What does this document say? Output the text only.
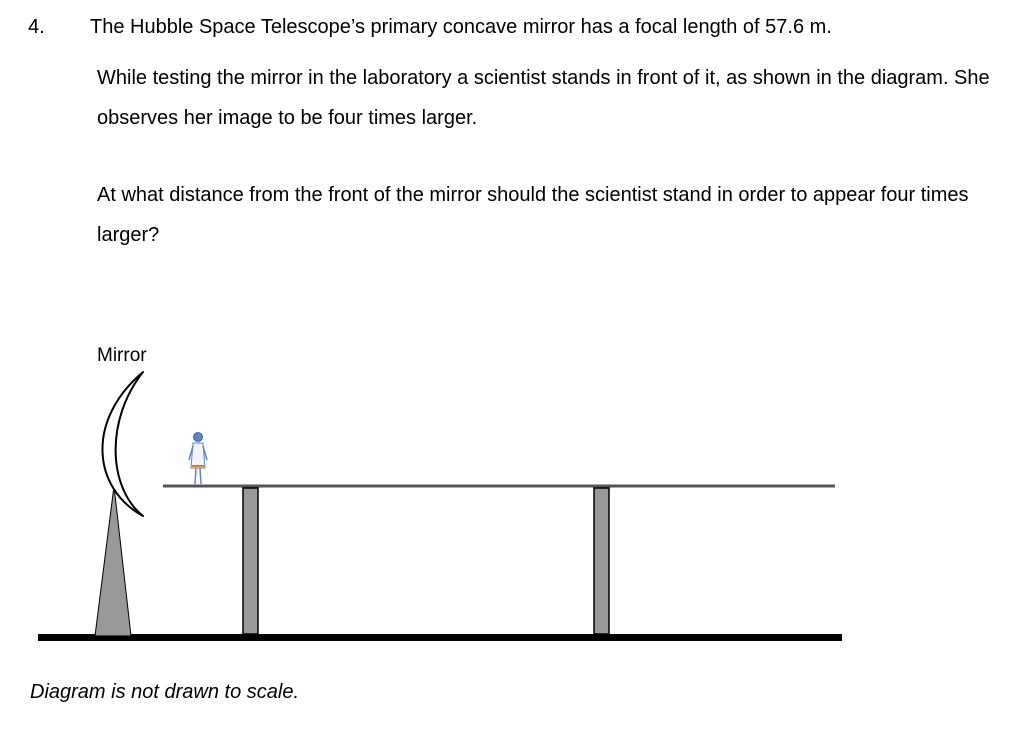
4. The Hubble Space Telescope’s primary concave mirror has a focal length of 57.6 m.
While testing the mirror in the laboratory a scientist stands in front of it, as shown in the diagram. She observes her image to be four times larger.
At what distance from the front of the mirror should the scientist stand in order to appear four times larger?
Mirror
Diagram is not drawn to scale.
